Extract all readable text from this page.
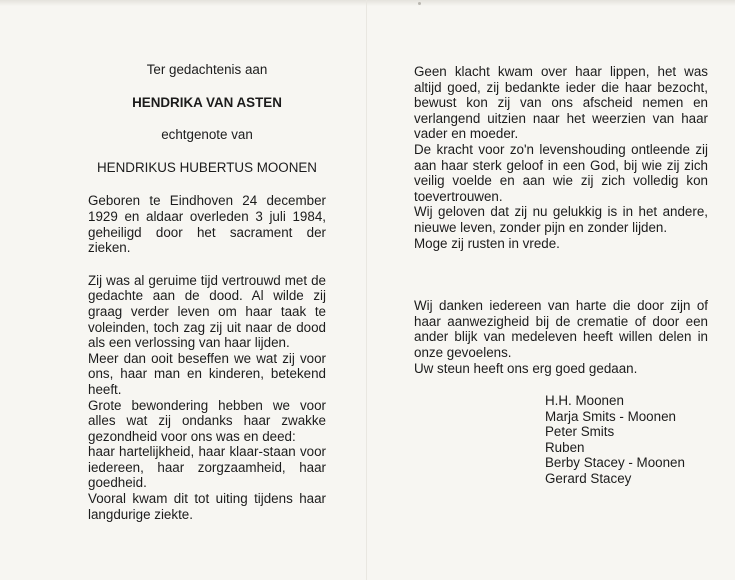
Ter gedachtenis aan
HENDRIKA VAN ASTEN
echtgenote van
HENDRIKUS HUBERTUS MOONEN
Geboren te Eindhoven 24 december 1929 en aldaar overleden 3 juli 1984, geheiligd door het sacrament der zieken.
Zij was al geruime tijd vertrouwd met de gedachte aan de dood. Al wilde zij graag verder leven om haar taak te voleinden, toch zag zij uit naar de dood als een verlossing van haar lijden.
Meer dan ooit beseffen we wat zij voor ons, haar man en kinderen, betekend heeft.
Grote bewondering hebben we voor alles wat zij ondanks haar zwakke gezondheid voor ons was en deed:
haar hartelijkheid, haar klaar-staan voor iedereen, haar zorgzaamheid, haar goedheid.
Vooral kwam dit tot uiting tijdens haar langdurige ziekte.
Geen klacht kwam over haar lippen, het was altijd goed, zij bedankte ieder die haar bezocht, bewust kon zij van ons afscheid nemen en verlangend uitzien naar het weerzien van haar vader en moeder.
De kracht voor zo'n levenshouding ontleende zij aan haar sterk geloof in een God, bij wie zij zich veilig voelde en aan wie zij zich volledig kon toevertrouwen.
Wij geloven dat zij nu gelukkig is in het andere, nieuwe leven, zonder pijn en zonder lijden.
Moge zij rusten in vrede.
Wij danken iedereen van harte die door zijn of haar aanwezigheid bij de crematie of door een ander blijk van medeleven heeft willen delen in onze gevoelens.
Uw steun heeft ons erg goed gedaan.
H.H. Moonen
Marja Smits - Moonen
Peter Smits
Ruben
Berby Stacey - Moonen
Gerard Stacey
